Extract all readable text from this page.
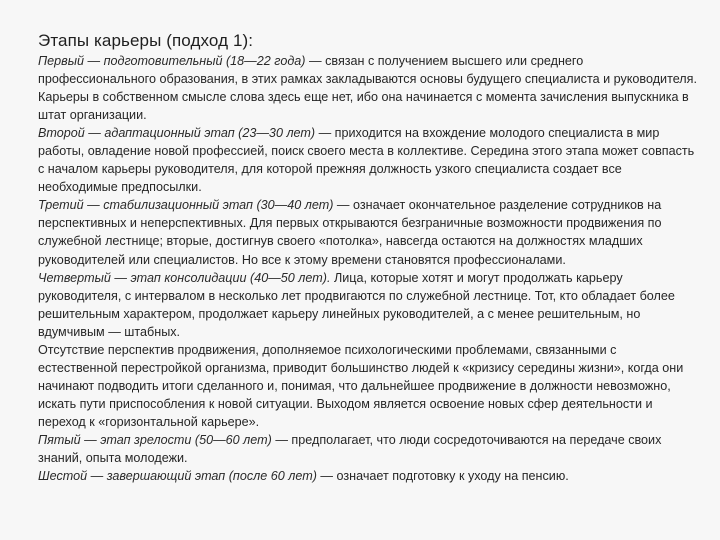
Этапы карьеры (подход 1):

Первый — подготовительный (18—22 года) — связан с получением высшего или среднего профессионального образования, в этих рамках закладываются основы будущего специалиста и руководителя. Карьеры в собственном смысле слова здесь еще нет, ибо она начинается с момента зачисления выпускника в штат организации.

Второй — адаптационный этап (23—30 лет) — приходится на вхождение молодого специалиста в мир работы, овладение новой профессией, поиск своего места в коллективе. Середина этого этапа может совпасть с началом карьеры руководителя, для которой прежняя должность узкого специалиста создает все необходимые предпосылки.

Третий — стабилизационный этап (30—40 лет) — означает окончательное разделение сотрудников на перспективных и неперспективных. Для первых открываются безграничные возможности продвижения по служебной лестнице; вторые, достигнув своего «потолка», навсегда остаются на должностях младших руководителей или специалистов. Но все к этому времени становятся профессионалами.

Четвертый — этап консолидации (40—50 лет). Лица, которые хотят и могут продолжать карьеру руководителя, с интервалом в несколько лет продвигаются по служебной лестнице. Тот, кто обладает более решительным характером, продолжает карьеру линейных руководителей, а с менее решительным, но вдумчивым — штабных.

Отсутствие перспектив продвижения, дополняемое психологическими проблемами, связанными с естественной перестройкой организма, приводит большинство людей к «кризису середины жизни», когда они начинают подводить итоги сделанного и, понимая, что дальнейшее продвижение в должности невозможно, искать пути приспособления к новой ситуации. Выходом является освоение новых сфер деятельности и переход к «горизонтальной карьере».

Пятый — этап зрелости (50—60 лет) — предполагает, что люди сосредоточиваются на передаче своих знаний, опыта молодежи.

Шестой — завершающий этап (после 60 лет) — означает подготовку к уходу на пенсию.
